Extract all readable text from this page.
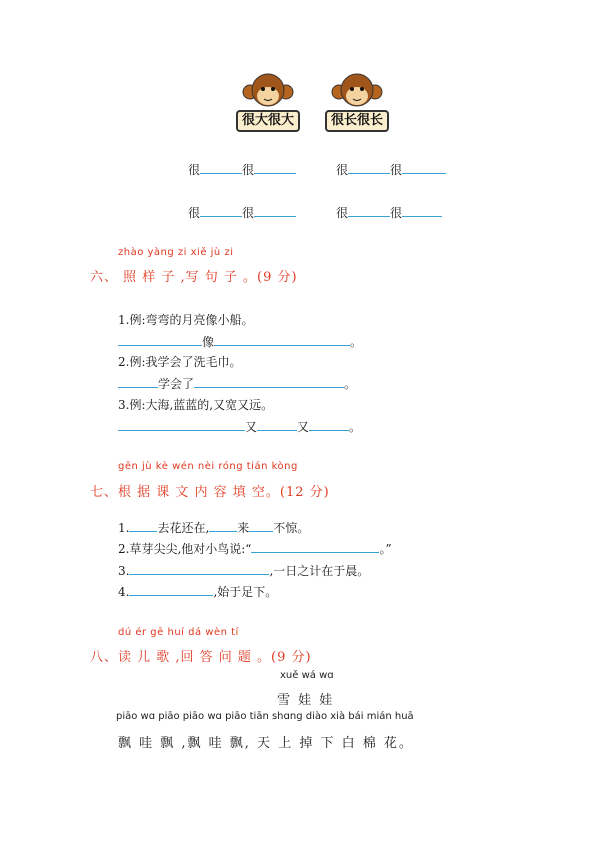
很大很大	很长很长
很	很	很	很
很	很	很	很
zhào yàng zi xiě jù zi
六、 照 样 子 ,写 句 子 。(9 分)
1.例:弯弯的月亮像小船。
像	。
2.例:我学会了洗毛巾。
学会了	。
3.例:大海,蓝蓝的,又宽又远。
又	又	。
gēn jù kè wén nèi róng tián kòng
七、根 据 课 文 内 容 填 空。(12 分)
1. 去花还在, 来 不惊。
2.草芽尖尖,他对小鸟说:“	。”
3.	,一日之计在于晨。
4.	,始于足下。
dú ér gē huí dá wèn tí
八、读 儿 歌 ,回 答 问 题 。(9 分)
xuě wá wɑ
雪 娃 娃
piāo wɑ piāo piāo wɑ piāo tiān shɑng diào xià bái mián huā
飘 哇 飘 ,飘 哇 飘, 天 上 掉 下 白 棉 花。
